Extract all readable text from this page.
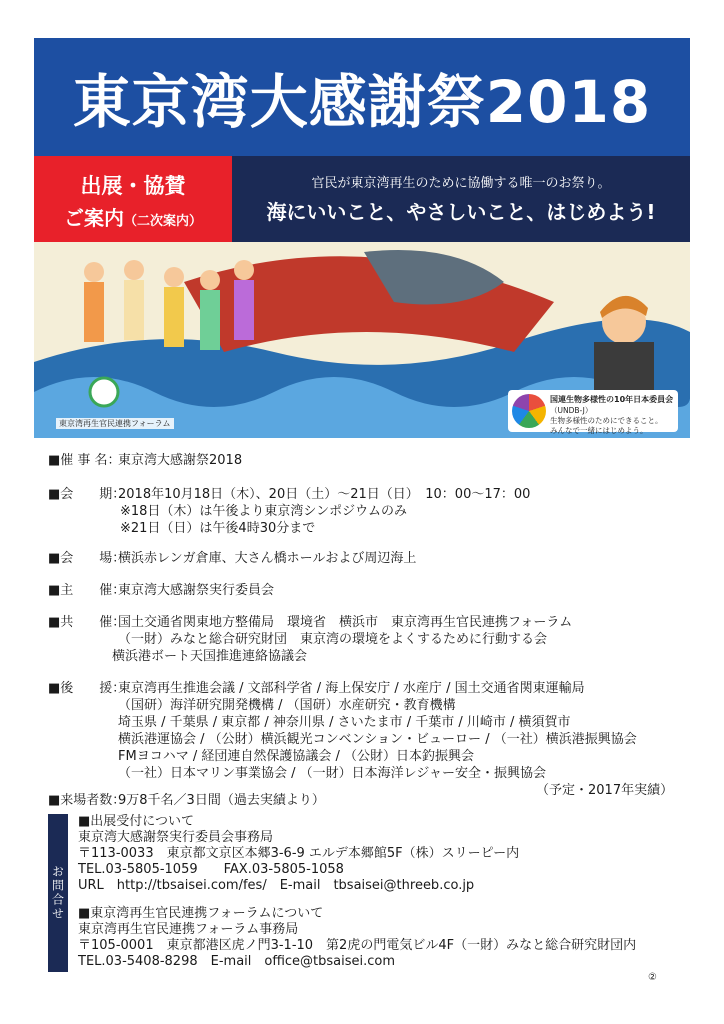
東京湾大感謝祭2018
出展・協賛
ご案内（二次案内）
官民が東京湾再生のために協働する唯一のお祭り。
海にいいこと、やさしいこと、はじめよう!
東京湾再生官民連携フォーラム
国連生物多様性の10年日本委員会
（UNDB-J）
生物多様性のためにできること。
みんなで一緒にはじめよう。
■催 事 名：
東京湾大感謝祭2018
■会　　期：
2018年10月18日（木）、20日（土）～21日（日）　10：00～17：00
※18日（木）は午後より東京湾シンポジウムのみ
※21日（日）は午後4時30分まで
■会　　場：
横浜赤レンガ倉庫、大さん橋ホールおよび周辺海上
■主　　催：
東京湾大感謝祭実行委員会
■共　　催：
国土交通省関東地方整備局　環境省　横浜市　東京湾再生官民連携フォーラム
（一財）みなと総合研究財団　東京湾の環境をよくするために行動する会
横浜港ボート天国推進連絡協議会
■後　　援：
東京湾再生推進会議 / 文部科学省 / 海上保安庁 / 水産庁 / 国土交通省関東運輸局
（国研）海洋研究開発機構 / （国研）水産研究・教育機構
埼玉県 / 千葉県 / 東京都 / 神奈川県 / さいたま市 / 千葉市 / 川崎市 / 横須賀市
横浜港運協会 / （公財）横浜観光コンベンション・ビューロー / （一社）横浜港振興協会
FMヨコハマ / 経団連自然保護協議会 / （公財）日本釣振興会
（一社）日本マリン事業協会 / （一財）日本海洋レジャー安全・振興協会
（予定・2017年実績）
■来場者数：
9万8千名／3日間（過去実績より）
お問合せ
■出展受付について
東京湾大感謝祭実行委員会事務局
〒113-0033　東京都文京区本郷3-6-9 エルデ本郷館5F（株）スリーピー内
TEL.03-5805-1059　　FAX.03-5805-1058
URL　http://tbsaisei.com/fes/　E-mail　tbsaisei@threeb.co.jp
■東京湾再生官民連携フォーラムについて
東京湾再生官民連携フォーラム事務局
〒105-0001　東京都港区虎ノ門3-1-10　第2虎の門電気ビル4F（一財）みなと総合研究財団内
TEL.03-5408-8298　E-mail　office@tbsaisei.com
②
